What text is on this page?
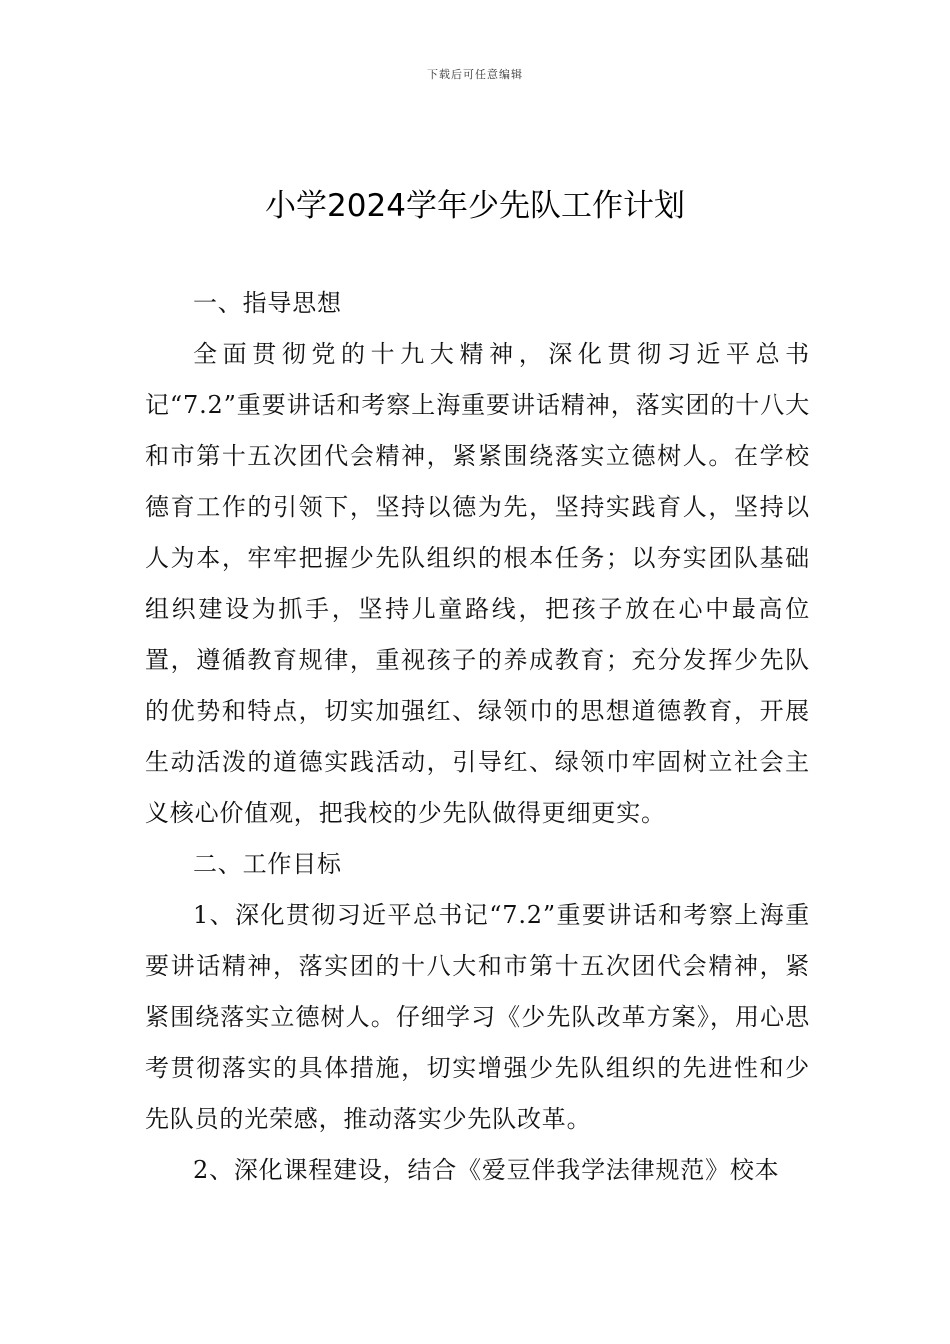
下载后可任意编辑
小学2024学年少先队工作计划

一、指导思想

全面贯彻党的十九大精神，深化贯彻习近平总书记“7.2”重要讲话和考察上海重要讲话精神，落实团的十八大和市第十五次团代会精神，紧紧围绕落实立德树人。在学校德育工作的引领下，坚持以德为先，坚持实践育人，坚持以人为本，牢牢把握少先队组织的根本任务；以夯实团队基础组织建设为抓手，坚持儿童路线，把孩子放在心中最高位置，遵循教育规律，重视孩子的养成教育；充分发挥少先队的优势和特点，切实加强红、绿领巾的思想道德教育，开展生动活泼的道德实践活动，引导红、绿领巾牢固树立社会主义核心价值观，把我校的少先队做得更细更实。

二、工作目标

1、深化贯彻习近平总书记“7.2”重要讲话和考察上海重要讲话精神，落实团的十八大和市第十五次团代会精神，紧紧围绕落实立德树人。仔细学习《少先队改革方案》，用心思考贯彻落实的具体措施，切实增强少先队组织的先进性和少先队员的光荣感，推动落实少先队改革。

2、深化课程建设，结合《爱豆伴我学法律规范》校本
